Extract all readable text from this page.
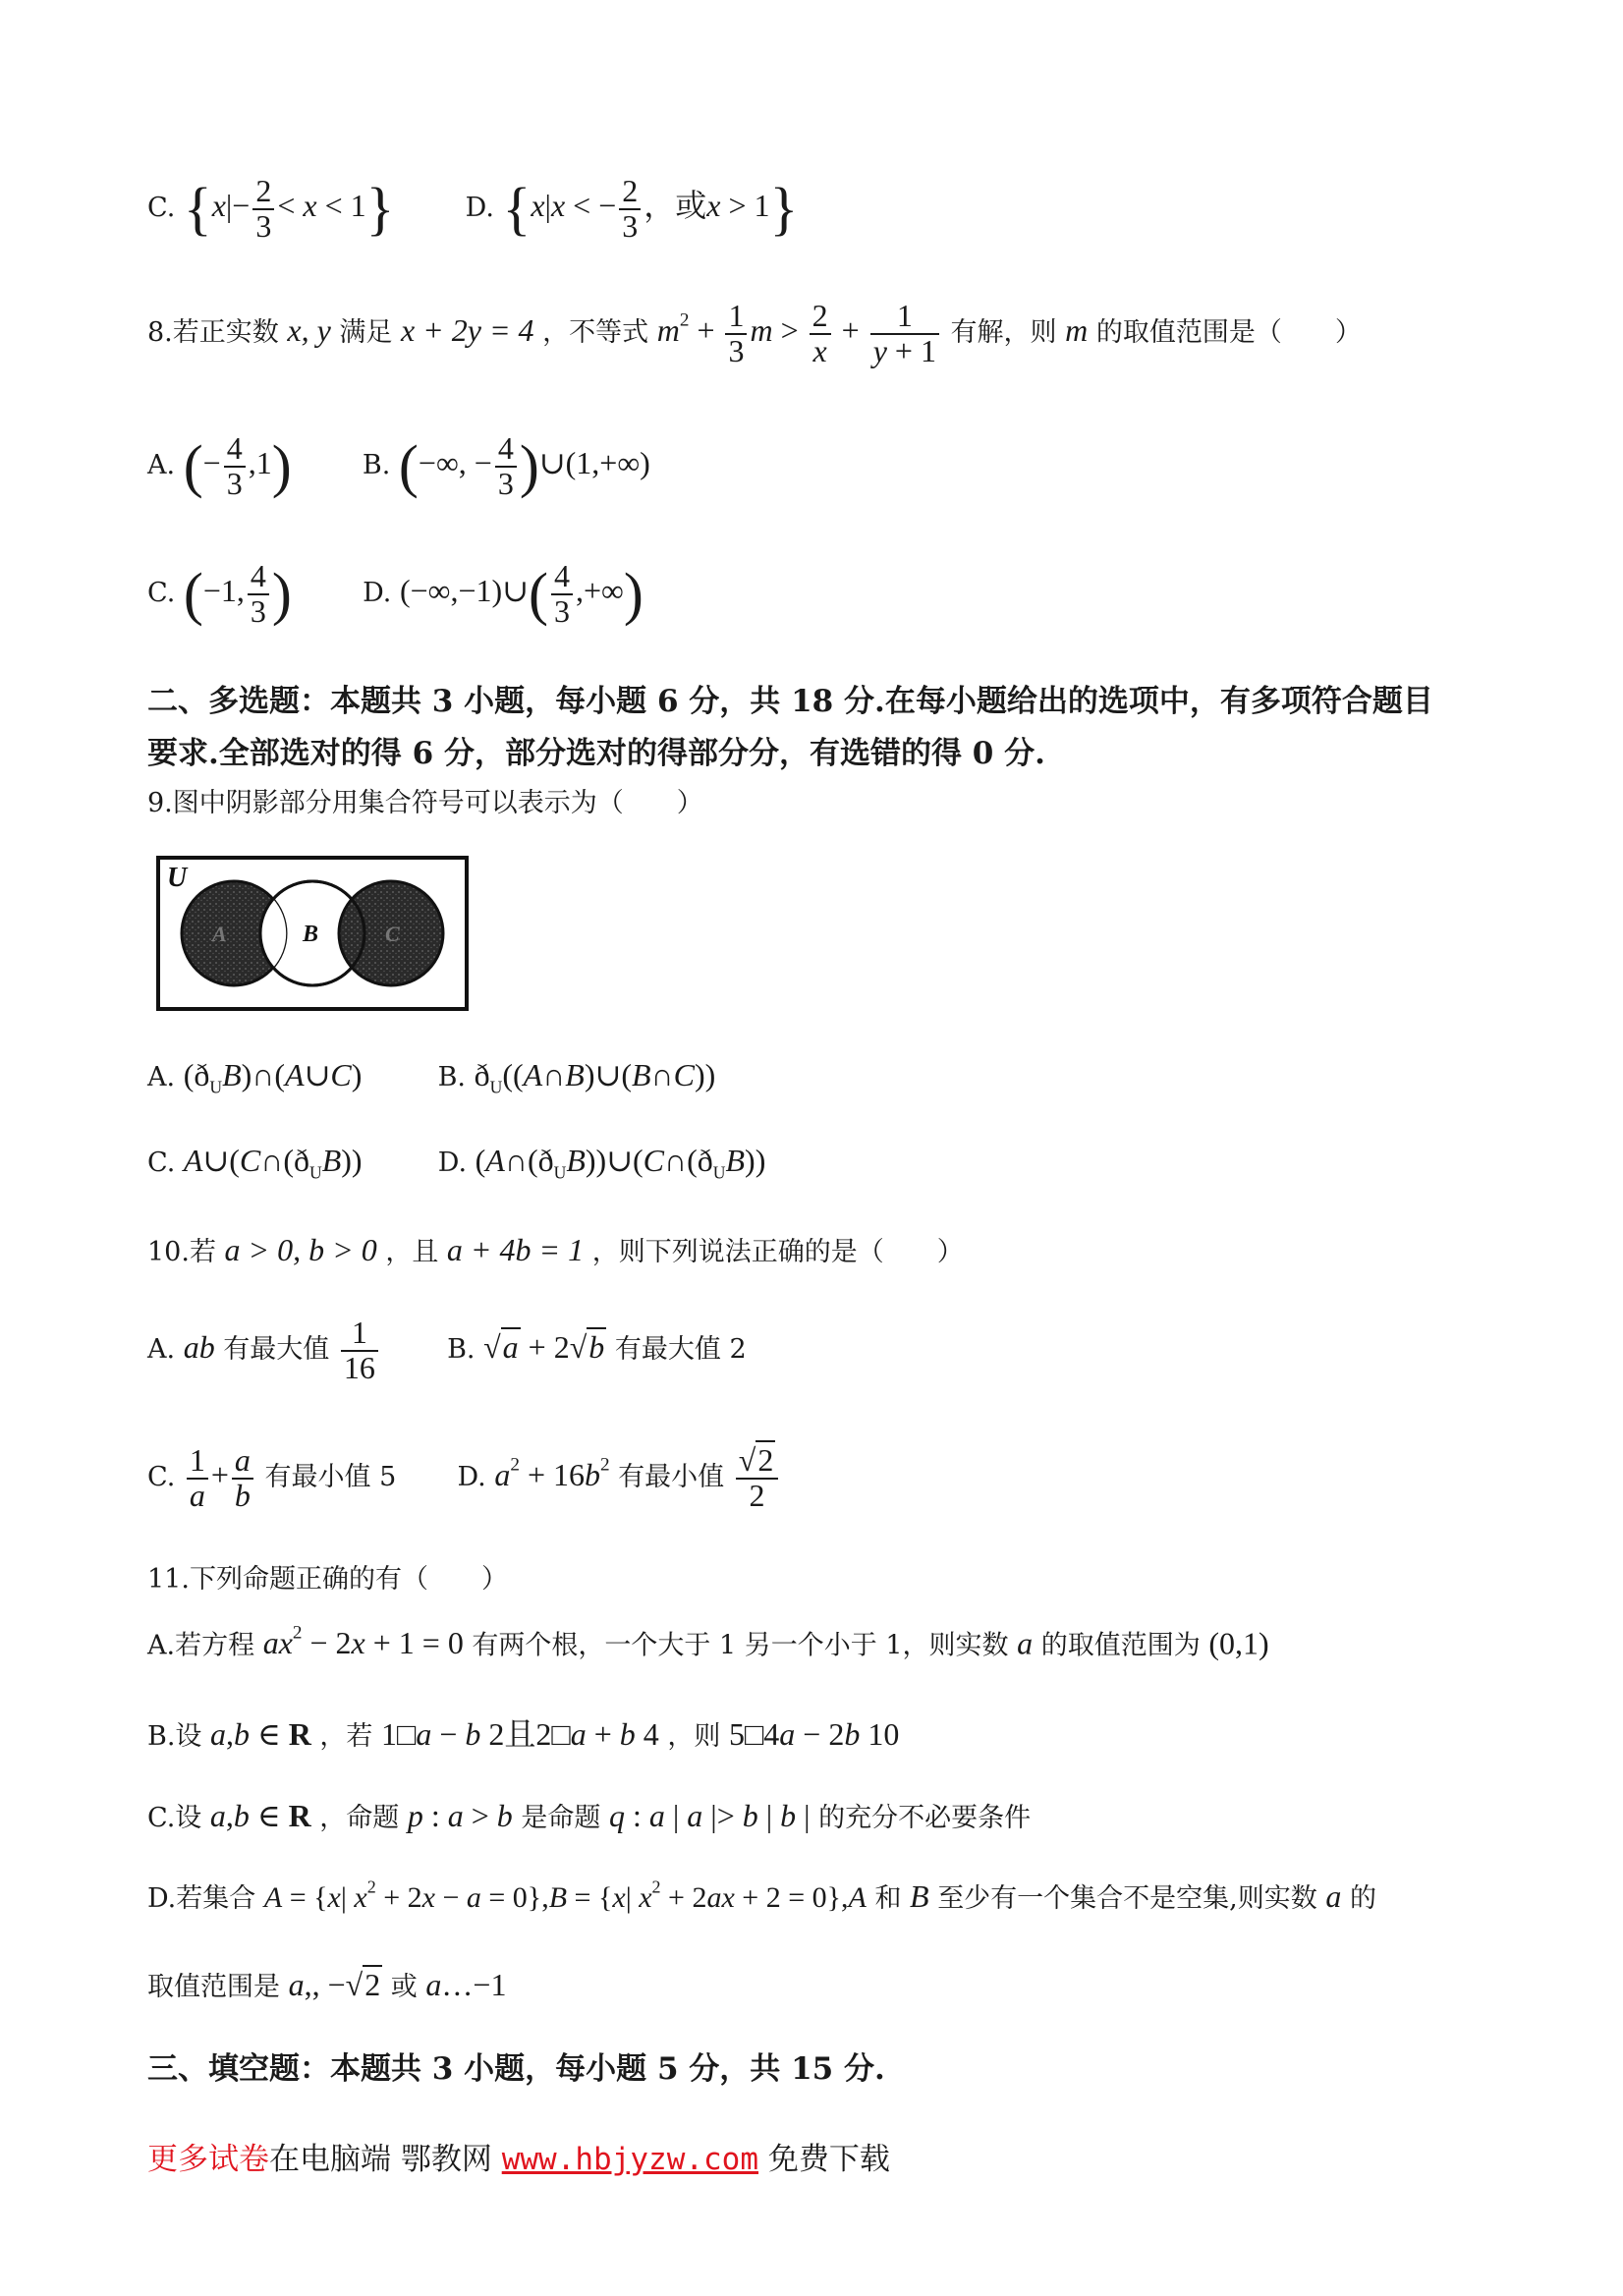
C. $\{x|- \frac{2}{3} < x < 1\}$	D. {x|x < − $\frac{2}{3}$ ，或x > 1}
8.若正实数 x, y 满足 x + 2y = 4 ，不等式 $m^2 + \frac{1}{3}$ $m > \frac{2}{x} + \frac{1}{y + 1}$ 有解，则 m 的取值范围是（　　）
A. (− $\frac{4}{3} ,1$)	B. (−∞, − $\frac{4}{3}$ )∪(1,+∞)
C. (−1, $\frac{4}{3}$ )	D. (−∞,−1)∪( $\frac{4}{3}$ ,+∞)
二、多选题：本题共 3 小题，每小题 6 分，共 18 分.在每小题给出的选项中，有多项符合题目
要求.全部选对的得 6 分，部分选对的得部分分，有选错的得 0 分.
9.图中阴影部分用集合符号可以表示为（　　）
U
A	B	C
A. $(ð_UB)\cap(A\cup C)$	B. $ð_U((A\cap B)\cup(B\cap C))$
C. $A\cup(C\cap(ð_UB))$	D. $(A\cap(ð_UB))\cup(C\cap(ð_UB))$
10.若 a > 0, b > 0 ，且 a + 4b = 1 ，则下列说法正确的是（　　）
A. ab 有最大值 $\frac{1}{16}$	B. √a + 2√b 有最大值 2
C. $\frac{1}{a} + \frac{a}{b}$ 有最小值 5 D. $a^2 + 16b^2$ 有最小值 $\frac{√2}{2}$
11.下列命题正确的有（　　）
A.若方程 $ax^2 - 2x + 1 = 0$ 有两个根，一个大于 1 另一个小于 1，则实数 a 的取值范围为 (0,1)
B.设 a,b ∈ R ，若 1□a − b 2且2□a + b 4 ，则 5□4a − 2b 10
C.设 a,b ∈ R ，命题 p : a > b 是命题 q : a | a |> b | b | 的充分不必要条件
D.若集合 A = {x| $x^2 + 2x - a = 0\},B = \{x|$ $x^2 + 2ax + 2 = 0\},A$ 和 B 至少有一个集合不是空集,则实数 a 的
取值范围是 a,, −√2 或 a…−1
三、填空题：本题共 3 小题，每小题 5 分，共 15 分.
更多试卷在电脑端 鄂教网 www.hbjyzw.com 免费下载
